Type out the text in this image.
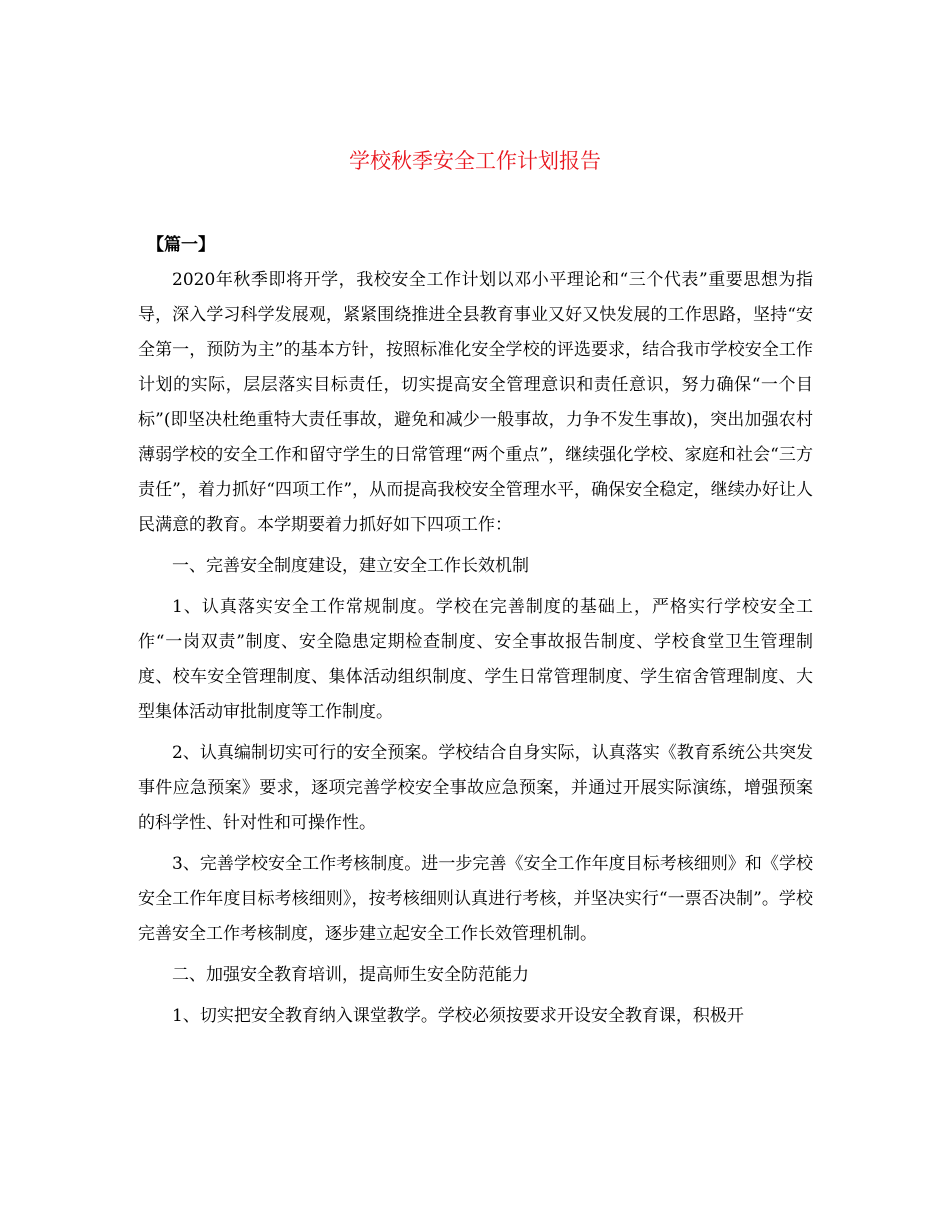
学校秋季安全工作计划报告
【篇一】

2020年秋季即将开学，我校安全工作计划以邓小平理论和“三个代表”重要思想为指导，深入学习科学发展观，紧紧围绕推进全县教育事业又好又快发展的工作思路，坚持“安全第一，预防为主”的基本方针，按照标准化安全学校的评选要求，结合我市学校安全工作计划的实际，层层落实目标责任，切实提高安全管理意识和责任意识，努力确保“一个目标”(即坚决杜绝重特大责任事故，避免和减少一般事故，力争不发生事故)，突出加强农村薄弱学校的安全工作和留守学生的日常管理“两个重点”，继续强化学校、家庭和社会“三方责任”，着力抓好“四项工作”，从而提高我校安全管理水平，确保安全稳定，继续办好让人民满意的教育。本学期要着力抓好如下四项工作：

一、完善安全制度建设，建立安全工作长效机制

1、认真落实安全工作常规制度。学校在完善制度的基础上，严格实行学校安全工作“一岗双责”制度、安全隐患定期检查制度、安全事故报告制度、学校食堂卫生管理制度、校车安全管理制度、集体活动组织制度、学生日常管理制度、学生宿舍管理制度、大型集体活动审批制度等工作制度。

2、认真编制切实可行的安全预案。学校结合自身实际，认真落实《教育系统公共突发事件应急预案》要求，逐项完善学校安全事故应急预案，并通过开展实际演练，增强预案的科学性、针对性和可操作性。

3、完善学校安全工作考核制度。进一步完善《安全工作年度目标考核细则》和《学校安全工作年度目标考核细则》，按考核细则认真进行考核，并坚决实行“一票否决制”。学校完善安全工作考核制度，逐步建立起安全工作长效管理机制。

二、加强安全教育培训，提高师生安全防范能力

1、切实把安全教育纳入课堂教学。学校必须按要求开设安全教育课，积极开
